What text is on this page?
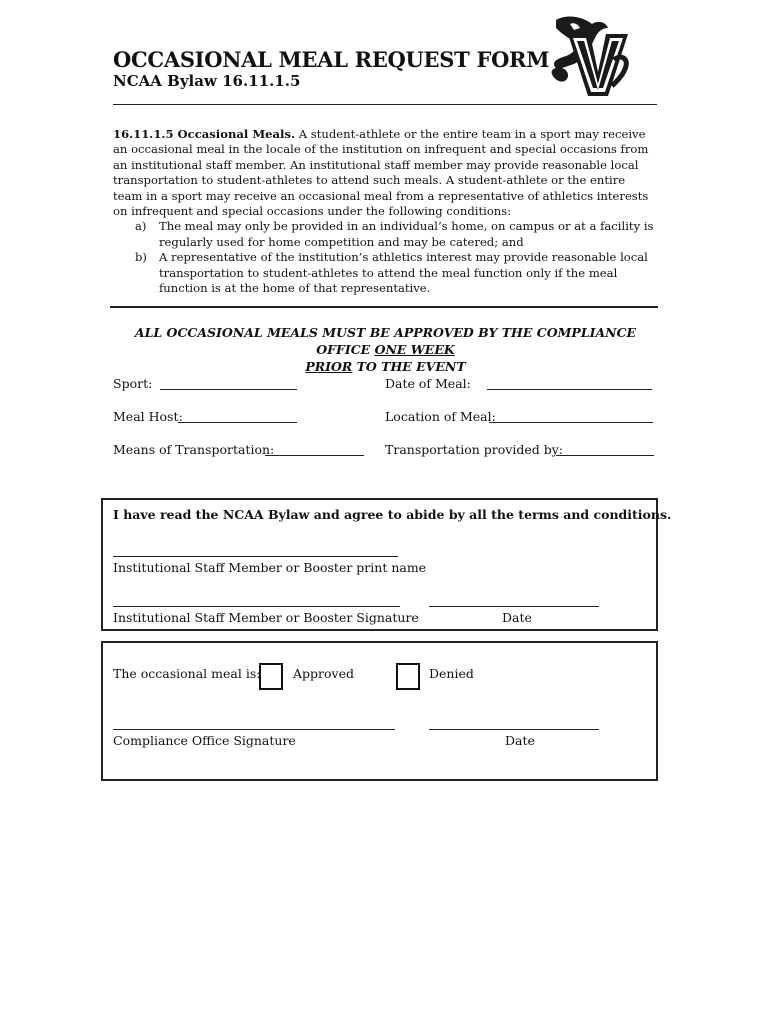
OCCASIONAL MEAL REQUEST FORM
NCAA Bylaw 16.11.1.5
16.11.1.5 Occasional Meals. A student-athlete or the entire team in a sport may receive an occasional meal in the locale of the institution on infrequent and special occasions from an institutional staff member. An institutional staff member may provide reasonable local transportation to student-athletes to attend such meals. A student-athlete or the entire team in a sport may receive an occasional meal from a representative of athletics interests on infrequent and special occasions under the following conditions:
a) The meal may only be provided in an individual’s home, on campus or at a facility is regularly used for home competition and may be catered; and
b) A representative of the institution’s athletics interest may provide reasonable local transportation to student-athletes to attend the meal function only if the meal function is at the home of that representative.
ALL OCCASIONAL MEALS MUST BE APPROVED BY THE COMPLIANCE OFFICE ONE WEEK
PRIOR TO THE EVENT
Sport:	Date of Meal:
Meal Host:	Location of Meal:
Means of Transportation:	Transportation provided by:
I have read the NCAA Bylaw and agree to abide by all the terms and conditions.
Institutional Staff Member or Booster print name
Institutional Staff Member or Booster Signature	Date
The occasional meal is:	Approved	Denied
Compliance Office Signature	Date
